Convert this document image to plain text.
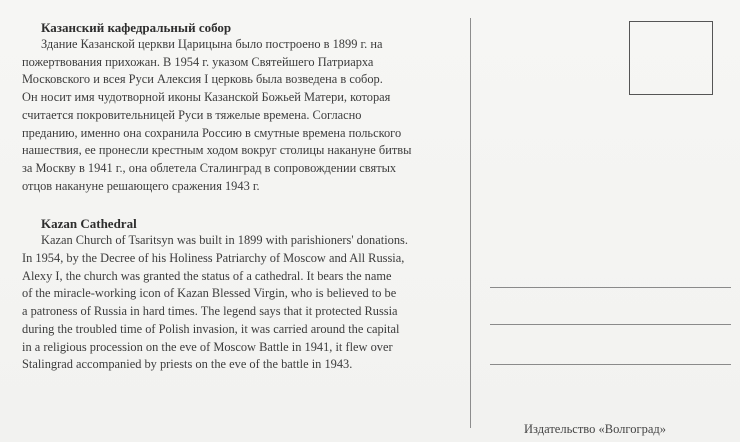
Казанский кафедральный собор
Здание Казанской церкви Царицына было построено в 1899 г. на
пожертвования прихожан. В 1954 г. указом Святейшего Патриарха
Московского и всея Руси Алексия I церковь была возведена в собор.
Он носит имя чудотворной иконы Казанской Божьей Матери, которая
считается покровительницей Руси в тяжелые времена. Согласно
преданию, именно она сохранила Россию в смутные времена польского
нашествия, ее пронесли крестным ходом вокруг столицы накануне битвы
за Москву в 1941 г., она облетела Сталинград в сопровождении святых
отцов накануне решающего сражения 1943 г.
Kazan Cathedral
Kazan Church of Tsaritsyn was built in 1899 with parishioners' donations.
In 1954, by the Decree of his Holiness Patriarchy of Moscow and All Russia,
Alexy I, the church was granted the status of a cathedral. It bears the name
of the miracle-working icon of Kazan Blessed Virgin, who is believed to be
a patroness of Russia in hard times. The legend says that it protected Russia
during the troubled time of Polish invasion, it was carried around the capital
in a religious procession on the eve of Moscow Battle in 1941, it flew over
Stalingrad accompanied by priests on the eve of the battle in 1943.
Издательство «Волгоград»
